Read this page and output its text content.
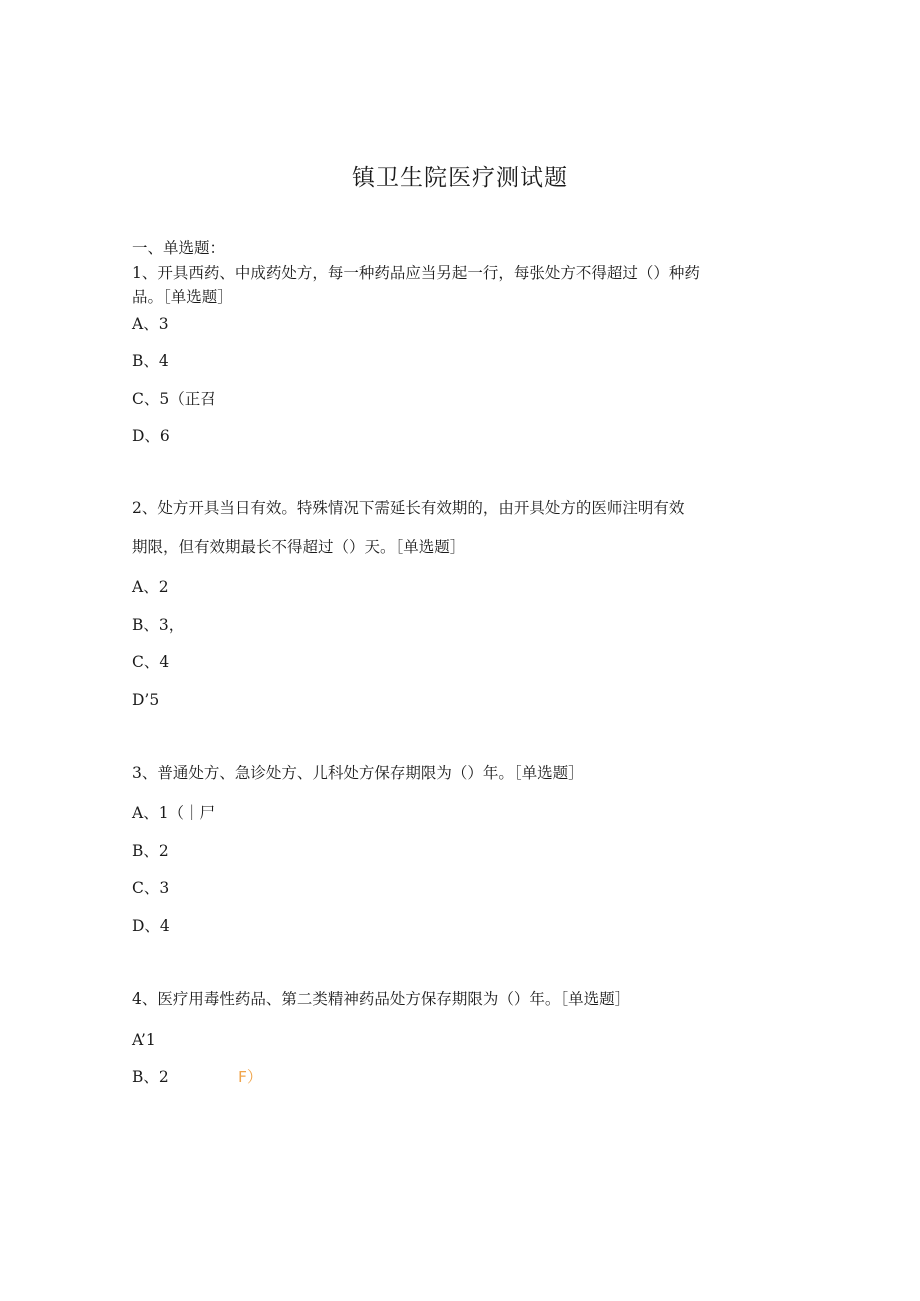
镇卫生院医疗测试题
一、单选题：
1、开具西药、中成药处方，每一种药品应当另起一行，每张处方不得超过（）种药
品。［单选题］
A、3
B、4
C、5（正召
D、6
2、处方开具当日有效。特殊情况下需延长有效期的，由开具处方的医师注明有效
期限，但有效期最长不得超过（）天。［单选题］
A、2
B、3，
C、4
D’5
3、普通处方、急诊处方、儿科处方保存期限为（）年。［单选题］
A、1（｜尸
B、2
C、3
D、4
4、医疗用毒性药品、第二类精神药品处方保存期限为（）年。［单选题］
A’1
B、2	F）
